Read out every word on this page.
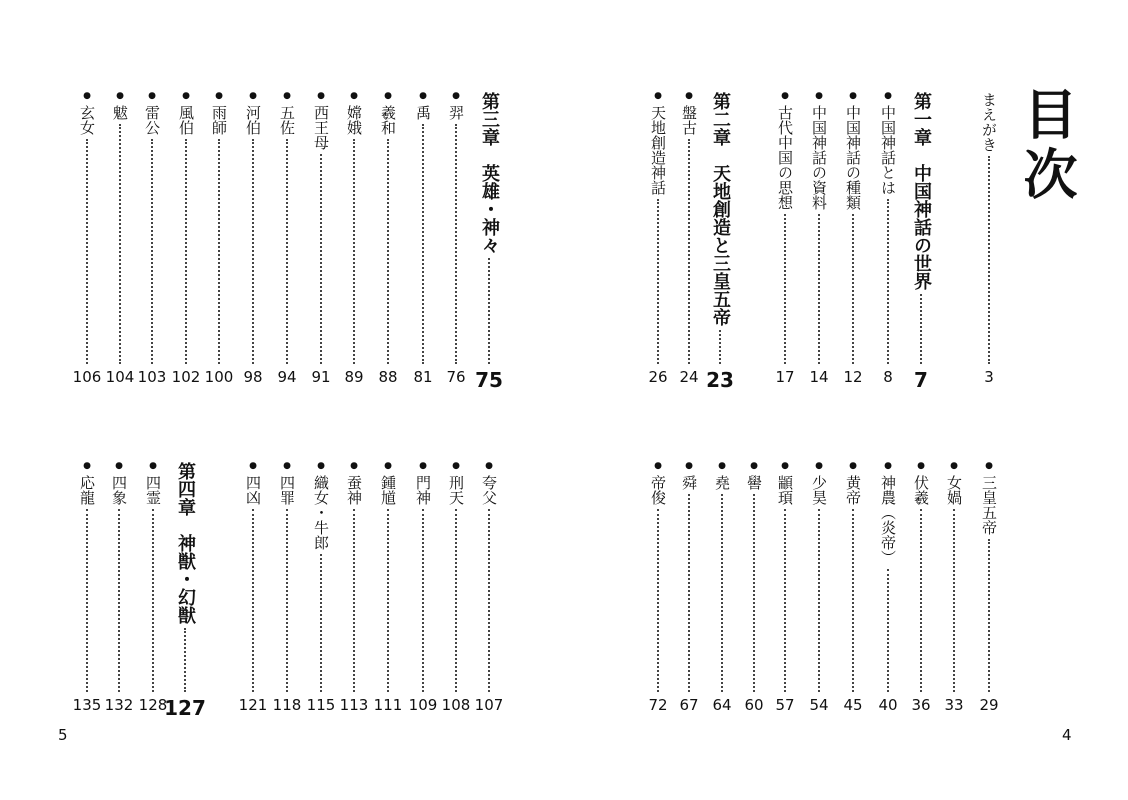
目次
まえがき
3
第一章　中国神話の世界
7
●
中国神話とは
8
●
中国神話の種類
12
●
中国神話の資料
14
●
古代中国の思想
17
第二章　天地創造と三皇五帝
23
●
盤古
24
●
天地創造神話
26
●
三皇五帝
29
●
女媧
33
●
伏羲
36
●
神農（炎帝）
40
●
黄帝
45
●
少昊
54
●
顓頊
57
●
嚳
60
●
堯
64
●
舜
67
●
帝俊
72
4
第三章　英雄・神々
75
●
羿
76
●
禹
81
●
羲和
88
●
嫦娥
89
●
西王母
91
●
五佐
94
●
河伯
98
●
雨師
100
●
風伯
102
●
雷公
103
●
魃
104
●
玄女
106
●
夸父
107
●
刑天
108
●
門神
109
●
鍾馗
111
●
蚕神
113
●
織女・牛郎
115
●
四罪
118
●
四凶
121
第四章　神獣・幻獣
127
●
四霊
128
●
四象
132
●
応龍
135
5
